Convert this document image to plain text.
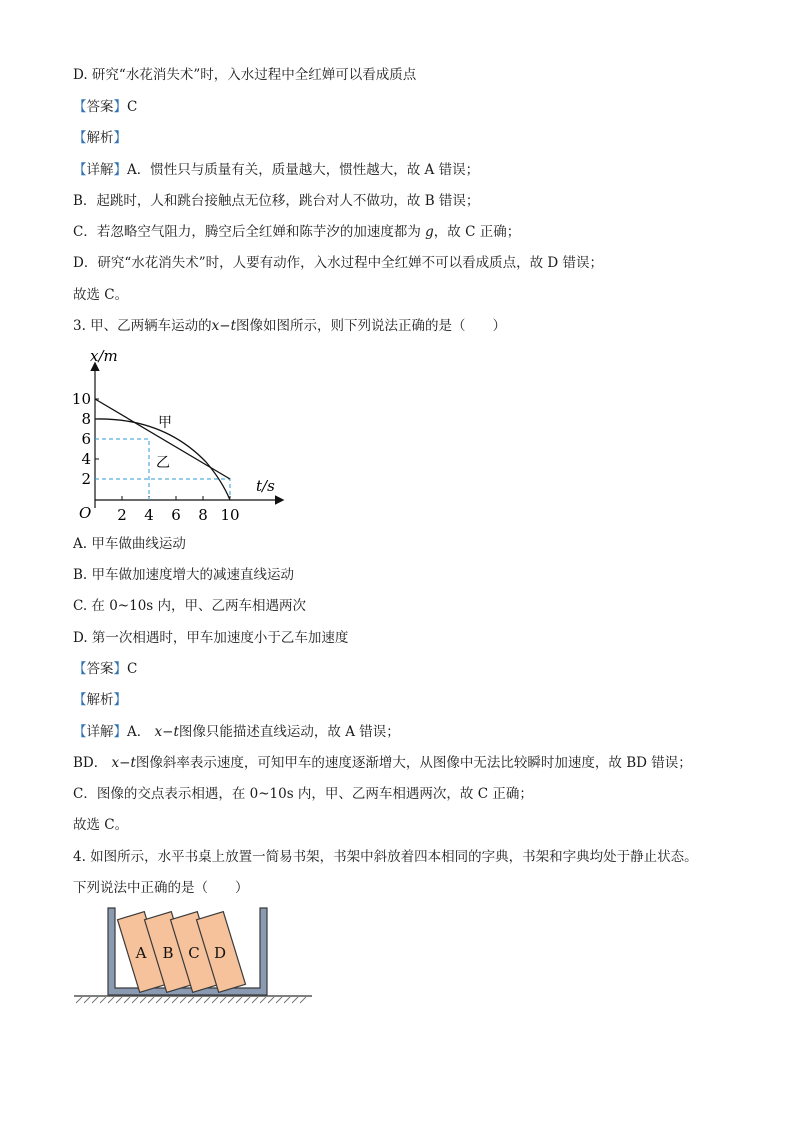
D. 研究“水花消失术”时，入水过程中全红婵可以看成质点
【答案】C
【解析】
【详解】A．惯性只与质量有关，质量越大，惯性越大，故 A 错误；
B．起跳时，人和跳台接触点无位移，跳台对人不做功，故 B 错误；
C．若忽略空气阻力，腾空后全红婵和陈芋汐的加速度都为 g，故 C 正确；
D．研究“水花消失术”时，人要有动作，入水过程中全红婵不可以看成质点，故 D 错误；
故选 C。
3. 甲、乙两辆车运动的x−t图像如图所示，则下列说法正确的是（　　）
x/m
t/s
O
甲
乙
10
8
6
4
2
2 4 6 8 10
A. 甲车做曲线运动
B. 甲车做加速度增大的减速直线运动
C. 在 0~10s 内，甲、乙两车相遇两次
D. 第一次相遇时，甲车加速度小于乙车加速度
【答案】C
【解析】
【详解】A． x−t图像只能描述直线运动，故 A 错误；
BD． x−t图像斜率表示速度，可知甲车的速度逐渐增大，从图像中无法比较瞬时加速度，故 BD 错误；
C．图像的交点表示相遇，在 0~10s 内，甲、乙两车相遇两次，故 C 正确；
故选 C。
4. 如图所示，水平书桌上放置一简易书架，书架中斜放着四本相同的字典，书架和字典均处于静止状态。
下列说法中正确的是（　　）
A B C D
